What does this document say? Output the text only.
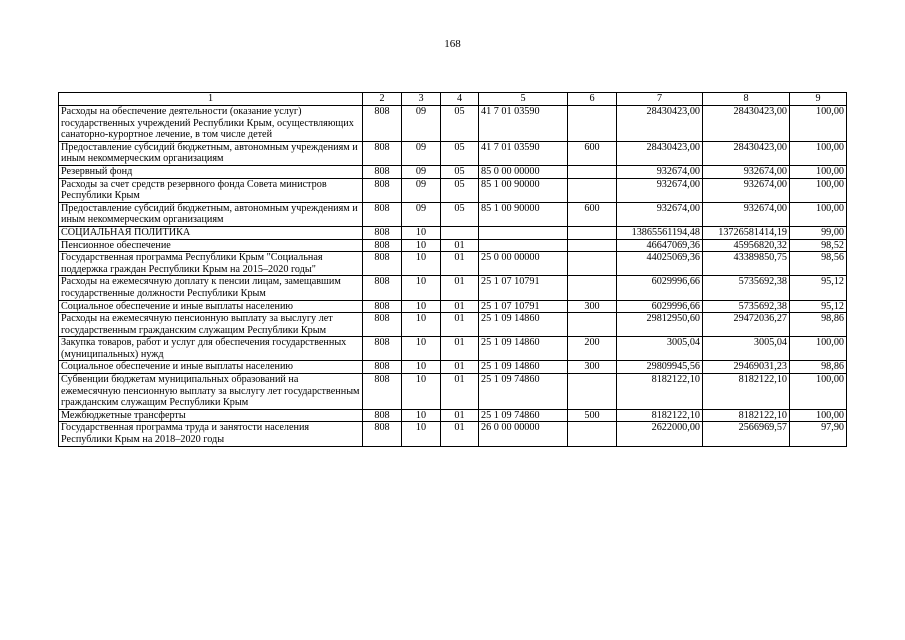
168
1	2	3	4	5	6	7	8	9
Расходы на обеспечение деятельности (оказание услуг) государственных учреждений Республики Крым, осуществляющих санаторно-курортное лечение, в том числе детей	808	09	05	41 7 01 03590		28430423,00	28430423,00	100,00
Предоставление субсидий бюджетным, автономным учреждениям и иным некоммерческим организациям	808	09	05	41 7 01 03590	600	28430423,00	28430423,00	100,00
Резервный фонд	808	09	05	85 0 00 00000		932674,00	932674,00	100,00
Расходы за счет средств резервного фонда Совета министров Республики Крым	808	09	05	85 1 00 90000		932674,00	932674,00	100,00
Предоставление субсидий бюджетным, автономным учреждениям и иным некоммерческим организациям	808	09	05	85 1 00 90000	600	932674,00	932674,00	100,00
СОЦИАЛЬНАЯ ПОЛИТИКА	808	10				13865561194,48	13726581414,19	99,00
Пенсионное обеспечение	808	10	01			46647069,36	45956820,32	98,52
Государственная программа Республики Крым "Социальная поддержка граждан Республики Крым на 2015–2020 годы"	808	10	01	25 0 00 00000		44025069,36	43389850,75	98,56
Расходы на ежемесячную доплату к пенсии лицам, замещавшим государственные должности Республики Крым	808	10	01	25 1 07 10791		6029996,66	5735692,38	95,12
Социальное обеспечение и иные выплаты населению	808	10	01	25 1 07 10791	300	6029996,66	5735692,38	95,12
Расходы на ежемесячную пенсионную выплату за выслугу лет государственным гражданским служащим Республики Крым	808	10	01	25 1 09 14860		29812950,60	29472036,27	98,86
Закупка товаров, работ и услуг для обеспечения государственных (муниципальных) нужд	808	10	01	25 1 09 14860	200	3005,04	3005,04	100,00
Социальное обеспечение и иные выплаты населению	808	10	01	25 1 09 14860	300	29809945,56	29469031,23	98,86
Субвенции бюджетам муниципальных образований на ежемесячную пенсионную выплату за выслугу лет государственным гражданским служащим Республики Крым	808	10	01	25 1 09 74860		8182122,10	8182122,10	100,00
Межбюджетные трансферты	808	10	01	25 1 09 74860	500	8182122,10	8182122,10	100,00
Государственная программа труда и занятости населения Республики Крым на 2018–2020 годы	808	10	01	26 0 00 00000		2622000,00	2566969,57	97,90
